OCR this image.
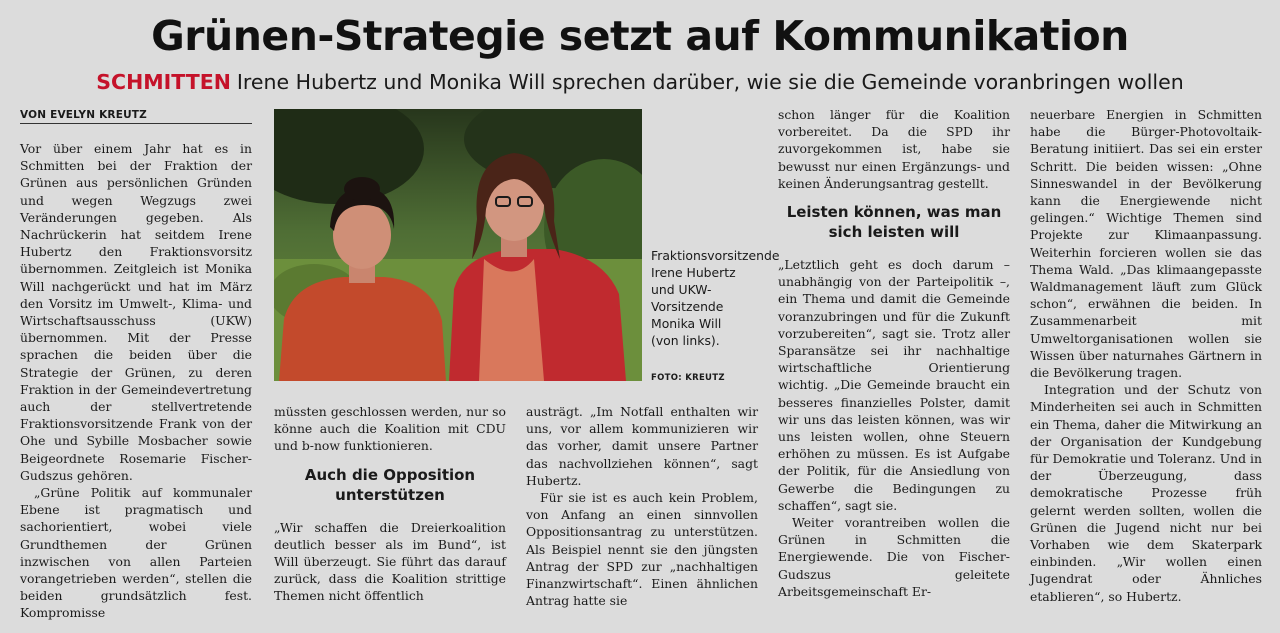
Grünen-Strategie setzt auf Kommunikation
SCHMITTEN Irene Hubertz und Monika Will sprechen darüber, wie sie die Gemeinde voranbringen wollen
VON EVELYN KREUTZ

Vor über einem Jahr hat es in Schmitten bei der Fraktion der Grünen aus persönlichen Gründen und wegen Wegzugs zwei Veränderungen gegeben. Als Nachrückerin hat seitdem Irene Hubertz den Fraktionsvorsitz übernommen. Zeitgleich ist Monika Will nachgerückt und hat im März den Vorsitz im Umwelt-, Klima- und Wirtschaftsausschuss (UKW) übernommen. Mit der Presse sprachen die beiden über die Strategie der Grünen, zu deren Fraktion in der Gemeindevertretung auch der stellvertretende Fraktionsvorsitzende Frank von der Ohe und Sybille Mosbacher sowie Beigeordnete Rosemarie Fischer-Gudszus gehören.

„Grüne Politik auf kommunaler Ebene ist pragmatisch und sachorientiert, wobei viele Grundthemen der Grünen inzwischen von allen Parteien vorangetrieben werden“, stellen die beiden grundsätzlich fest. Kompromisse

Fraktionsvorsitzende Irene Hubertz und UKW-Vorsitzende Monika Will (von links).
FOTO: KREUTZ

müssten geschlossen werden, nur so könne auch die Koalition mit CDU und b-now funktionieren.

Auch die Opposition unterstützen

„Wir schaffen die Dreierkoalition deutlich besser als im Bund“, ist Will überzeugt. Sie führt das darauf zurück, dass die Koalition strittige Themen nicht öffentlich

austrägt. „Im Notfall enthalten wir uns, vor allem kommunizieren wir das vorher, damit unsere Partner das nachvollziehen können“, sagt Hubertz.

Für sie ist es auch kein Problem, von Anfang an einen sinnvollen Oppositionsantrag zu unterstützen. Als Beispiel nennt sie den jüngsten Antrag der SPD zur „nachhaltigen Finanzwirtschaft“. Einen ähnlichen Antrag hatte sie

schon länger für die Koalition vorbereitet. Da die SPD ihr zuvorgekommen ist, habe sie bewusst nur einen Ergänzungs- und keinen Änderungsantrag gestellt.

Leisten können, was man sich leisten will

„Letztlich geht es doch darum – unabhängig von der Parteipolitik –, ein Thema und damit die Gemeinde voranzubringen und für die Zukunft vorzubereiten“, sagt sie. Trotz aller Sparansätze sei ihr nachhaltige wirtschaftliche Orientierung wichtig. „Die Gemeinde braucht ein besseres finanzielles Polster, damit wir uns das leisten können, was wir uns leisten wollen, ohne Steuern erhöhen zu müssen. Es ist Aufgabe der Politik, für die Ansiedlung von Gewerbe die Bedingungen zu schaffen“, sagt sie.

Weiter vorantreiben wollen die Grünen in Schmitten die Energiewende. Die von Fischer-Gudszus geleitete Arbeitsgemeinschaft Er-

neuerbare Energien in Schmitten habe die Bürger-Photovoltaik-Beratung initiiert. Das sei ein erster Schritt. Die beiden wissen: „Ohne Sinneswandel in der Bevölkerung kann die Energiewende nicht gelingen.“ Wichtige Themen sind Projekte zur Klimaanpassung. Weiterhin forcieren wollen sie das Thema Wald. „Das klimaangepasste Waldmanagement läuft zum Glück schon“, erwähnen die beiden. In Zusammenarbeit mit Umweltorganisationen wollen sie Wissen über naturnahes Gärtnern in die Bevölkerung tragen.

Integration und der Schutz von Minderheiten sei auch in Schmitten ein Thema, daher die Mitwirkung an der Organisation der Kundgebung für Demokratie und Toleranz. Und in der Überzeugung, dass demokratische Prozesse früh gelernt werden sollten, wollen die Grünen die Jugend nicht nur bei Vorhaben wie dem Skaterpark einbinden. „Wir wollen einen Jugendrat oder Ähnliches etablieren“, so Hubertz.
